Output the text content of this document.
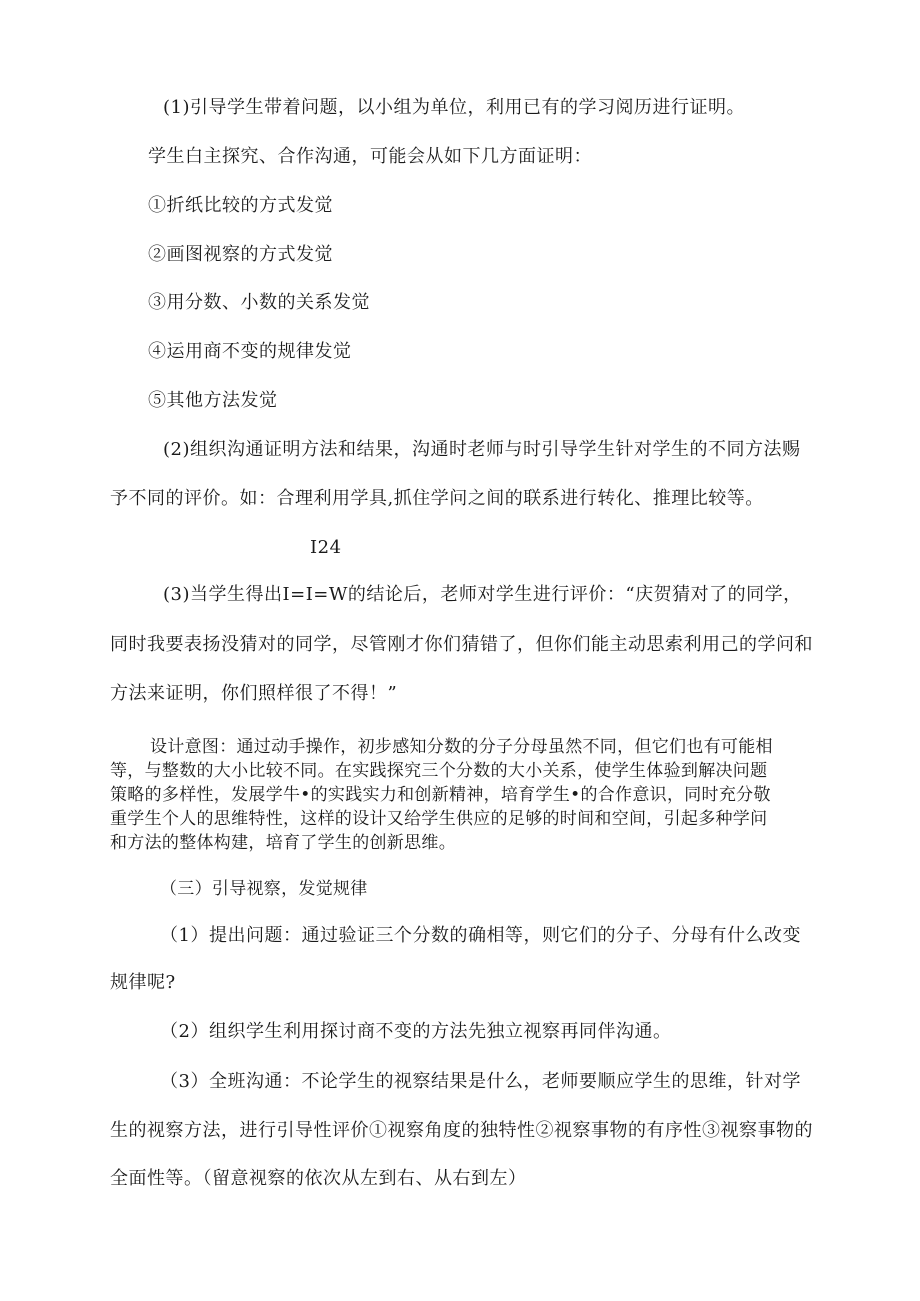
(1)引导学生带着问题，以小组为单位，利用已有的学习阅历进行证明。
学生白主探究、合作沟通，可能会从如下几方面证明：
①折纸比较的方式发觉
②画图视察的方式发觉
③用分数、小数的关系发觉
④运用商不变的规律发觉
⑤其他方法发觉
(2)组织沟通证明方法和结果，沟通时老师与时引导学生针对学生的不同方法赐
予不同的评价。如：合理利用学具,抓住学问之间的联系进行转化、推理比较等。
I24
(3)当学生得出I=I=W的结论后，老师对学生进行评价：“庆贺猜对了的同学，
同时我要表扬没猜对的同学，尽管刚才你们猜错了，但你们能主动思索利用己的学问和
方法来证明，你们照样很了不得！”
设计意图：通过动手操作，初步感知分数的分子分母虽然不同，但它们也有可能相
等，与整数的大小比较不同。在实践探究三个分数的大小关系，使学生体验到解决问题
策略的多样性，发展学牛•的实践实力和创新精神，培育学生•的合作意识，同时充分敬
重学生个人的思维特性，这样的设计又给学生供应的足够的时间和空间，引起多种学问
和方法的整体构建，培育了学生的创新思维。
（三）引导视察，发觉规律
（1）提出问题：通过验证三个分数的确相等，则它们的分子、分母有什么改变
规律呢?
（2）组织学生利用探讨商不变的方法先独立视察再同伴沟通。
（3）全班沟通：不论学生的视察结果是什么，老师要顺应学生的思维，针对学
生的视察方法，进行引导性评价①视察角度的独特性②视察事物的有序性③视察事物的
全面性等。（留意视察的依次从左到右、从右到左）
